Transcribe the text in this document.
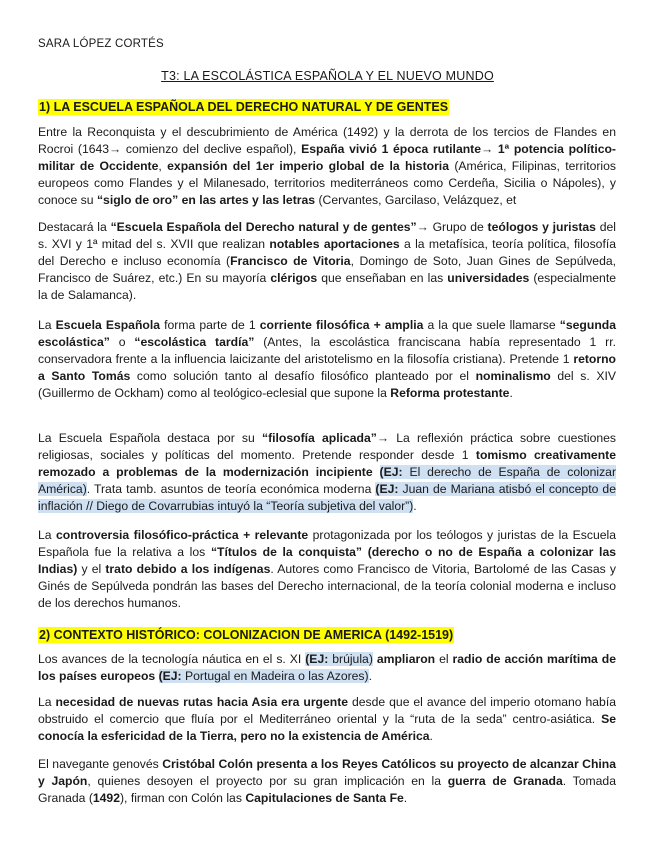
SARA LÓPEZ CORTÉS
T3: LA ESCOLÁSTICA ESPAÑOLA Y EL NUEVO MUNDO
1) LA ESCUELA ESPAÑOLA DEL DERECHO NATURAL Y DE GENTES

Entre la Reconquista y el descubrimiento de América (1492) y la derrota de los tercios de Flandes en Rocroi (1643→ comienzo del declive español), España vivió 1 época rutilante→ 1ª potencia político-militar de Occidente, expansión del 1er imperio global de la historia (América, Filipinas, territorios europeos como Flandes y el Milanesado, territorios mediterráneos como Cerdeña, Sicilia o Nápoles), y conoce su “siglo de oro” en las artes y las letras (Cervantes, Garcilaso, Velázquez, et

Destacará la “Escuela Española del Derecho natural y de gentes”→ Grupo de teólogos y juristas del s. XVI y 1ª mitad del s. XVII que realizan notables aportaciones a la metafísica, teoría política, filosofía del Derecho e incluso economía (Francisco de Vitoria, Domingo de Soto, Juan Gines de Sepúlveda, Francisco de Suárez, etc.) En su mayoría clérigos que enseñaban en las universidades (especialmente la de Salamanca).

La Escuela Española forma parte de 1 corriente filosófica + amplia a la que suele llamarse “segunda escolástica” o “escolástica tardía” (Antes, la escolástica franciscana había representado 1 rr. conservadora frente a la influencia laicizante del aristotelismo en la filosofía cristiana). Pretende 1 retorno a Santo Tomás como solución tanto al desafío filosófico planteado por el nominalismo del s. XIV (Guillermo de Ockham) como al teológico-eclesial que supone la Reforma protestante.

La Escuela Española destaca por su “filosofía aplicada”→ La reflexión práctica sobre cuestiones religiosas, sociales y políticas del momento. Pretende responder desde 1 tomismo creativamente remozado a problemas de la modernización incipiente (EJ: El derecho de España de colonizar América). Trata tamb. asuntos de teoría económica moderna (EJ: Juan de Mariana atisbó el concepto de inflación // Diego de Covarrubias intuyó la “Teoría subjetiva del valor”).

La controversia filosófico-práctica + relevante protagonizada por los teólogos y juristas de la Escuela Española fue la relativa a los “Títulos de la conquista” (derecho o no de España a colonizar las Indias) y el trato debido a los indígenas. Autores como Francisco de Vitoria, Bartolomé de las Casas y Ginés de Sepúlveda pondrán las bases del Derecho internacional, de la teoría colonial moderna e incluso de los derechos humanos.

2) CONTEXTO HISTÓRICO: COLONIZACION DE AMERICA (1492-1519)

Los avances de la tecnología náutica en el s. XI (EJ: brújula) ampliaron el radio de acción marítima de los países europeos (EJ: Portugal en Madeira o las Azores).

La necesidad de nuevas rutas hacia Asia era urgente desde que el avance del imperio otomano había obstruido el comercio que fluía por el Mediterráneo oriental y la “ruta de la seda” centro-asiática. Se conocía la esfericidad de la Tierra, pero no la existencia de América.

El navegante genovés Cristóbal Colón presenta a los Reyes Católicos su proyecto de alcanzar China y Japón, quienes desoyen el proyecto por su gran implicación en la guerra de Granada. Tomada Granada (1492), firman con Colón las Capitulaciones de Santa Fe.
